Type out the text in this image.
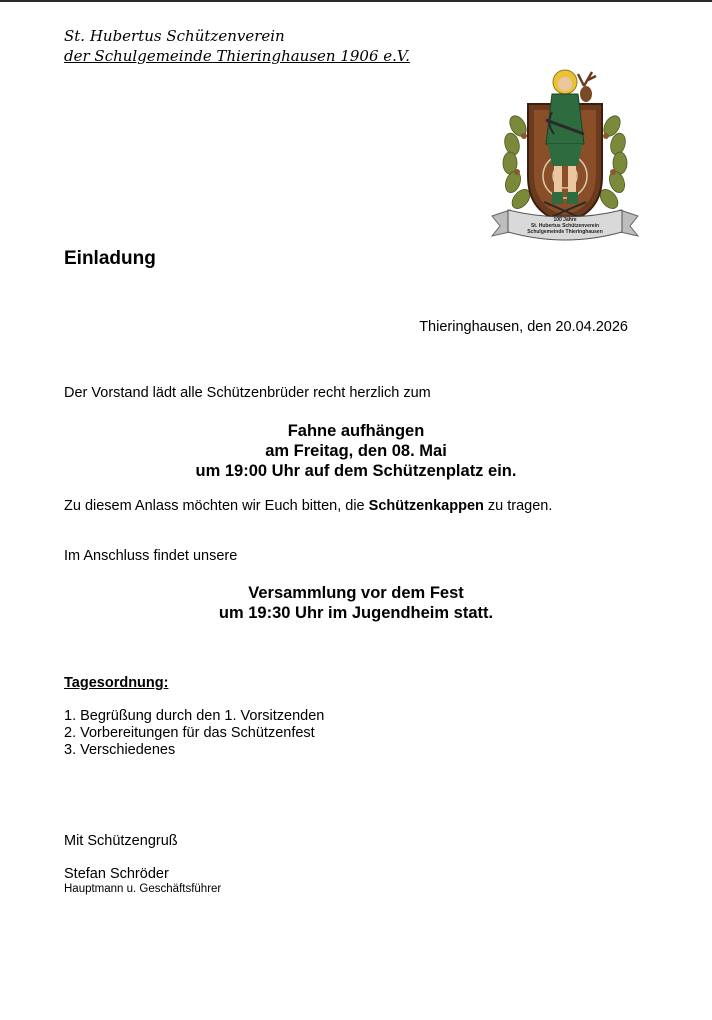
St. Hubertus Schützenverein
der Schulgemeinde Thieringhausen 1906 e.V.
100 Jahre
St. Hubertus Schützenverein
Schulgemeinde Thieringhausen
Einladung
Thieringhausen, den 20.04.2026
Der Vorstand lädt alle Schützenbrüder recht herzlich zum
Fahne aufhängen
am Freitag, den 08. Mai
um 19:00 Uhr auf dem Schützenplatz ein.
Zu diesem Anlass möchten wir Euch bitten, die Schützenkappen zu tragen.
Im Anschluss findet unsere
Versammlung vor dem Fest
um 19:30 Uhr im Jugendheim statt.
Tagesordnung:
1. Begrüßung durch den 1. Vorsitzenden
2. Vorbereitungen für das Schützenfest
3. Verschiedenes
Mit Schützengruß
Stefan Schröder
Hauptmann u. Geschäftsführer
